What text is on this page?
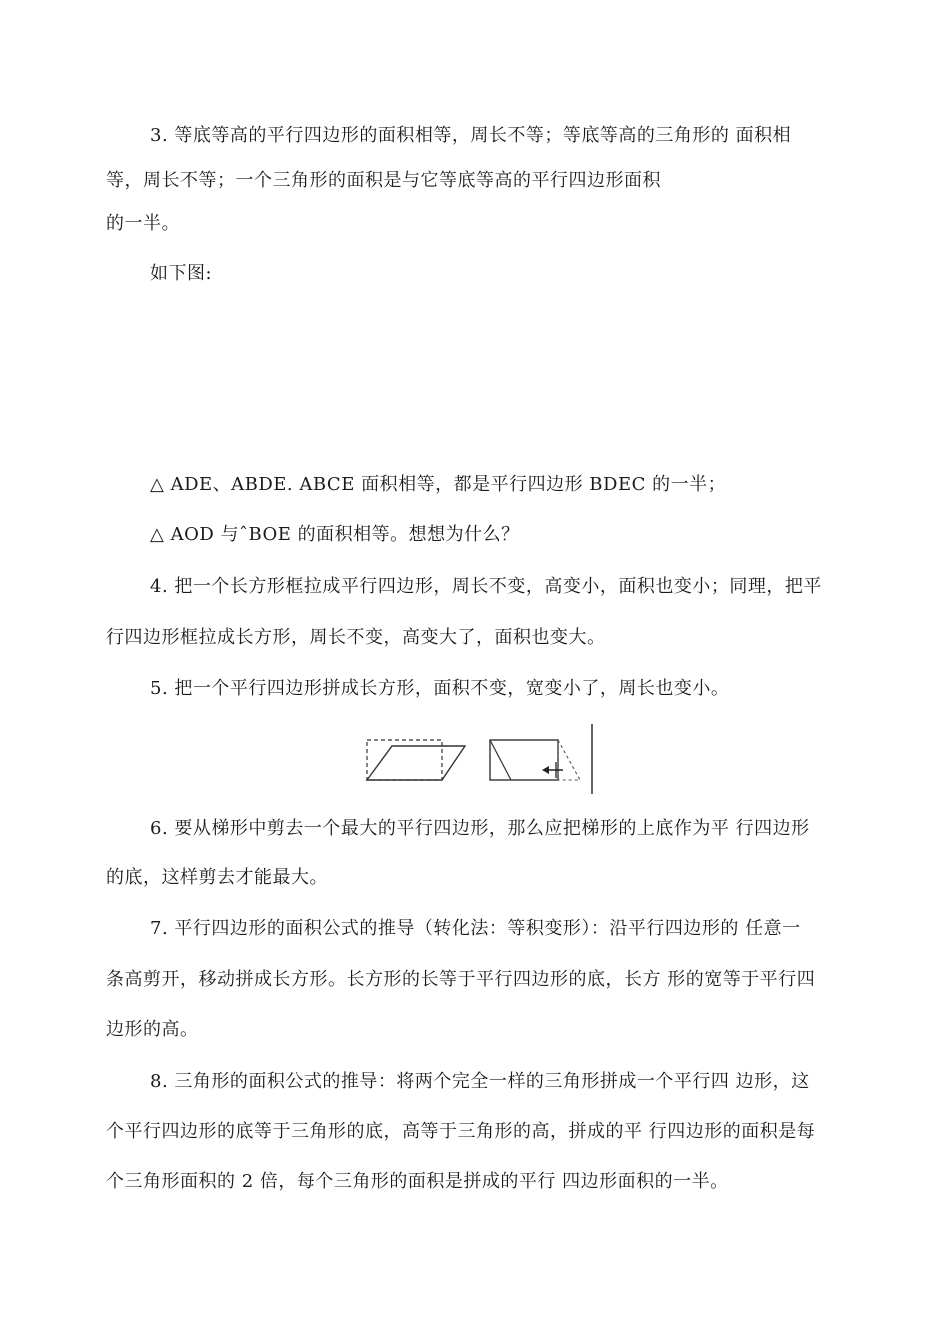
3. 等底等高的平行四边形的面积相等，周长不等；等底等高的三角形的 面积相
等，周长不等；一个三角形的面积是与它等底等高的平行四边形面积
的一半。
如下图:
△ ADE、ABDE. ABCE 面积相等，都是平行四边形 BDEC 的一半；
△ AOD 与ˆBOE 的面积相等。想想为什么？
4. 把一个长方形框拉成平行四边形，周长不变，高变小，面积也变小；同理，把平
行四边形框拉成长方形，周长不变，高变大了，面积也变大。
5. 把一个平行四边形拼成长方形，面积不变，宽变小了，周长也变小。
6. 要从梯形中剪去一个最大的平行四边形，那么应把梯形的上底作为平 行四边形
的底，这样剪去才能最大。
7. 平行四边形的面积公式的推导（转化法：等积变形）：沿平行四边形的 任意一
条高剪开，移动拼成长方形。长方形的长等于平行四边形的底，长方 形的宽等于平行四
边形的高。
8. 三角形的面积公式的推导：将两个完全一样的三角形拼成一个平行四 边形，这
个平行四边形的底等于三角形的底，高等于三角形的高，拼成的平 行四边形的面积是每
个三角形面积的 2 倍，每个三角形的面积是拼成的平行 四边形面积的一半。
